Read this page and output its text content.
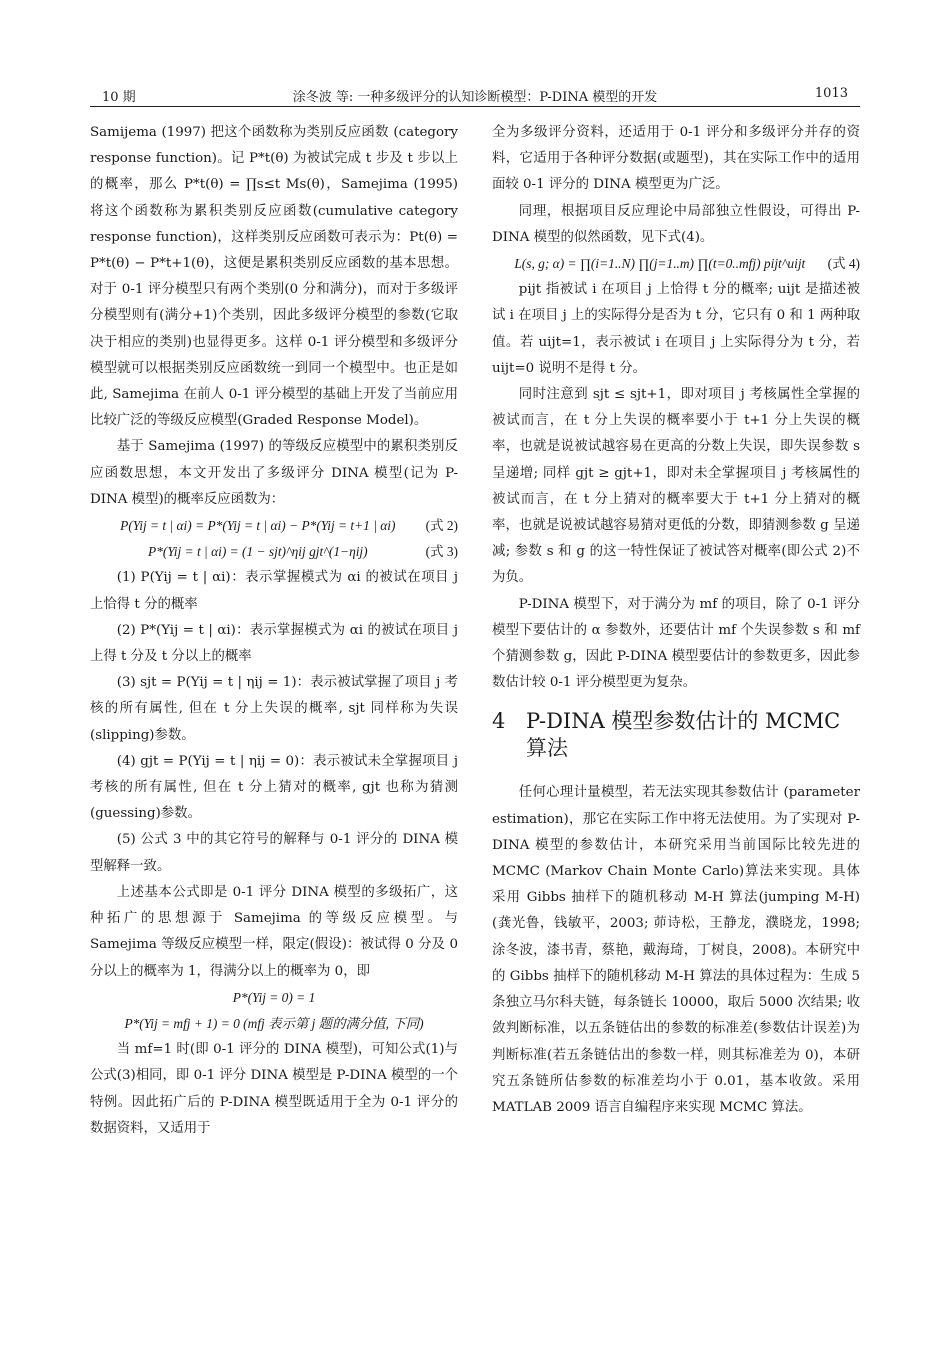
10 期	涂冬波 等: 一种多级评分的认知诊断模型：P-DINA 模型的开发	1013

Samijema (1997) 把这个函数称为类别反应函数 (category response function)。记 P*t(θ) 为被试完成 t 步及 t 步以上的概率，那么 P*t(θ) = ∏s≤t Ms(θ)，Samejima (1995) 将这个函数称为累积类别反应函数(cumulative category response function)，这样类别反应函数可表示为：Pt(θ) = P*t(θ) − P*t+1(θ)，这便是累积类别反应函数的基本思想。对于 0-1 评分模型只有两个类别(0 分和满分)，而对于多级评分模型则有(满分+1)个类别，因此多级评分模型的参数(它取决于相应的类别)也显得更多。这样 0-1 评分模型和多级评分模型就可以根据类别反应函数统一到同一个模型中。也正是如此, Samejima 在前人 0-1 评分模型的基础上开发了当前应用比较广泛的等级反应模型(Graded Response Model)。

基于 Samejima (1997) 的等级反应模型中的累积类别反应函数思想，本文开发出了多级评分 DINA 模型(记为 P-DINA 模型)的概率反应函数为：

P(Yij = t | αi) = P*(Yij = t | αi) − P*(Yij = t+1 | αi)	(式 2)
P*(Yij = t | αi) = (1 − sjt)^ηij gjt^(1−ηij)	(式 3)

(1) P(Yij = t | αi)：表示掌握模式为 αi 的被试在项目 j 上恰得 t 分的概率

(2) P*(Yij = t | αi)：表示掌握模式为 αi 的被试在项目 j 上得 t 分及 t 分以上的概率

(3) sjt = P(Yij = t | ηij = 1)：表示被试掌握了项目 j 考核的所有属性, 但在 t 分上失误的概率, sjt 同样称为失误(slipping)参数。

(4) gjt = P(Yij = t | ηij = 0)：表示被试未全掌握项目 j 考核的所有属性, 但在 t 分上猜对的概率, gjt 也称为猜测(guessing)参数。

(5) 公式 3 中的其它符号的解释与 0-1 评分的 DINA 模型解释一致。

上述基本公式即是 0-1 评分 DINA 模型的多级拓广，这种拓广的思想源于 Samejima 的等级反应模型。与 Samejima 等级反应模型一样，限定(假设)：被试得 0 分及 0 分以上的概率为 1，得满分以上的概率为 0，即

P*(Yij = 0) = 1
P*(Yij = mfj + 1) = 0 (mfj 表示第 j 题的满分值, 下同)

当 mf=1 时(即 0-1 评分的 DINA 模型)，可知公式(1)与公式(3)相同，即 0-1 评分 DINA 模型是 P-DINA 模型的一个特例。因此拓广后的 P-DINA 模型既适用于全为 0-1 评分的数据资料，又适用于

全为多级评分资料，还适用于 0-1 评分和多级评分并存的资料，它适用于各种评分数据(或题型)，其在实际工作中的适用面较 0-1 评分的 DINA 模型更为广泛。

同理，根据项目反应理论中局部独立性假设，可得出 P-DINA 模型的似然函数，见下式(4)。

L(s, g; α) = ∏(i=1..N) ∏(j=1..m) ∏(t=0..mfj) pijt^uijt	(式 4)

pijt 指被试 i 在项目 j 上恰得 t 分的概率; uijt 是描述被试 i 在项目 j 上的实际得分是否为 t 分，它只有 0 和 1 两种取值。若 uijt=1，表示被试 i 在项目 j 上实际得分为 t 分，若 uijt=0 说明不是得 t 分。

同时注意到 sjt ≤ sjt+1，即对项目 j 考核属性全掌握的被试而言，在 t 分上失误的概率要小于 t+1 分上失误的概率，也就是说被试越容易在更高的分数上失误，即失误参数 s 呈递增; 同样 gjt ≥ gjt+1，即对未全掌握项目 j 考核属性的被试而言，在 t 分上猜对的概率要大于 t+1 分上猜对的概率，也就是说被试越容易猜对更低的分数，即猜测参数 g 呈递减; 参数 s 和 g 的这一特性保证了被试答对概率(即公式 2)不为负。

P-DINA 模型下，对于满分为 mf 的项目，除了 0-1 评分模型下要估计的 α 参数外，还要估计 mf 个失误参数 s 和 mf 个猜测参数 g，因此 P-DINA 模型要估计的参数更多，因此参数估计较 0-1 评分模型更为复杂。

4 P-DINA 模型参数估计的 MCMC 算法

任何心理计量模型，若无法实现其参数估计 (parameter estimation)，那它在实际工作中将无法使用。为了实现对 P-DINA 模型的参数估计，本研究采用当前国际比较先进的 MCMC (Markov Chain Monte Carlo)算法来实现。具体采用 Gibbs 抽样下的随机移动 M-H 算法(jumping M-H) (龚光鲁，钱敏平，2003; 茆诗松，王静龙，濮晓龙，1998; 涂冬波，漆书青，蔡艳，戴海琦，丁树良，2008)。本研究中的 Gibbs 抽样下的随机移动 M-H 算法的具体过程为：生成 5 条独立马尔科夫链，每条链长 10000，取后 5000 次结果; 收敛判断标准，以五条链估出的参数的标准差(参数估计误差)为判断标准(若五条链估出的参数一样，则其标准差为 0)，本研究五条链所估参数的标准差均小于 0.01，基本收敛。采用 MATLAB 2009 语言自编程序来实现 MCMC 算法。
